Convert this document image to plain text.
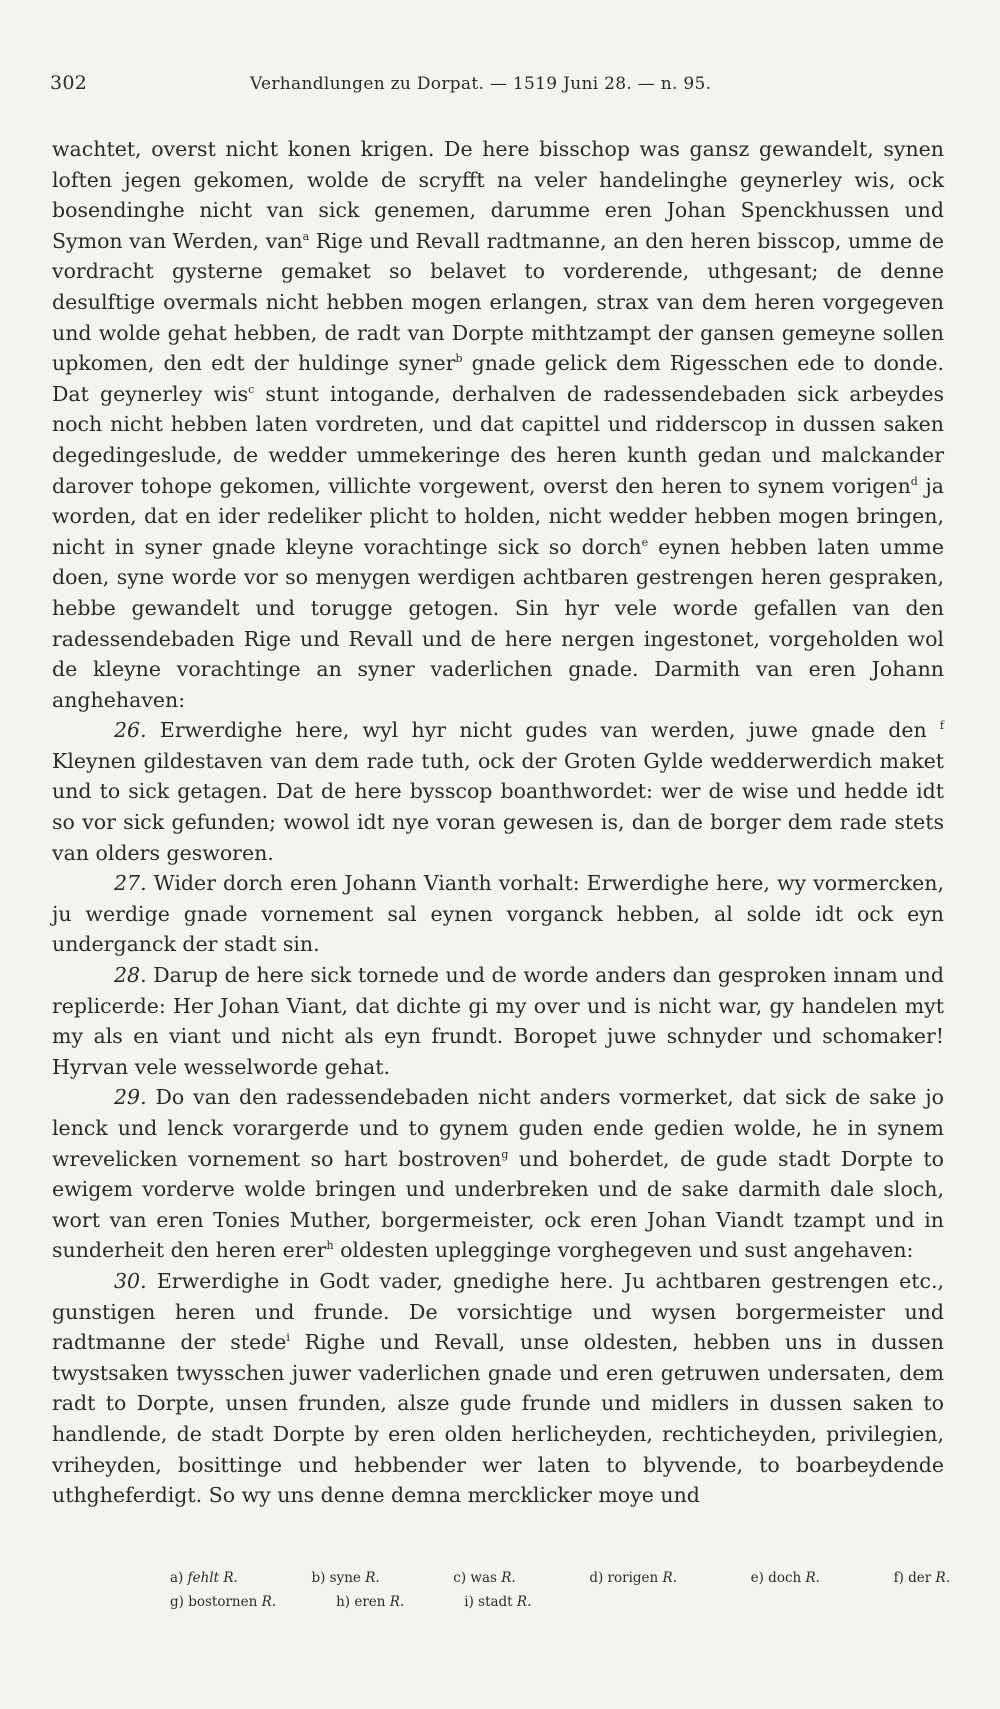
302	Verhandlungen zu Dorpat. — 1519 Juni 28. — n. 95.

wachtet, overst nicht konen krigen. De here bisschop was gansz gewandelt, synen loften jegen gekomen, wolde de scryfft na veler handelinghe geynerley wis, ock bosendinghe nicht van sick genemen, darumme eren Johan Spenckhussen und Symon van Werden, van$^a$ Rige und Revall radtmanne, an den heren bisscop, umme de vordracht gysterne gemaket so belavet to vorderende, uthgesant; de denne desulftige overmals nicht hebben mogen erlangen, strax van dem heren vorgegeven und wolde gehat hebben, de radt van Dorpte mithtzampt der gansen gemeyne sollen upkomen, den edt der huldinge syner$^b$ gnade gelick dem Rigesschen ede to donde. Dat geynerley wis$^c$ stunt intogande, derhalven de radessendebaden sick arbeydes noch nicht hebben laten vordreten, und dat capittel und ridderscop in dussen saken degedingeslude, de wedder ummekeringe des heren kunth gedan und malckander darover tohope gekomen, villichte vorgewent, overst den heren to synem vorigen$^d$ ja worden, dat en ider redeliker plicht to holden, nicht wedder hebben mogen bringen, nicht in syner gnade kleyne vorachtinge sick so dorch$^e$ eynen hebben laten umme doen, syne worde vor so menygen werdigen achtbaren gestrengen heren gespraken, hebbe gewandelt und torugge getogen. Sin hyr vele worde gefallen van den radessendebaden Rige und Revall und de here nergen ingestonet, vorgeholden wol de kleyne vorachtinge an syner vaderlichen gnade. Darmith van eren Johann anghehaven:

26. Erwerdighe here, wyl hyr nicht gudes van werden, juwe gnade den $^f$ Kleynen gildestaven van dem rade tuth, ock der Groten Gylde wedderwerdich maket und to sick getagen. Dat de here bysscop boanthwordet: wer de wise und hedde idt so vor sick gefunden; wowol idt nye voran gewesen is, dan de borger dem rade stets van olders gesworen.

27. Wider dorch eren Johann Vianth vorhalt: Erwerdighe here, wy vormercken, ju werdige gnade vornement sal eynen vorganck hebben, al solde idt ock eyn underganck der stadt sin.

28. Darup de here sick tornede und de worde anders dan gesproken innam und replicerde: Her Johan Viant, dat dichte gi my over und is nicht war, gy handelen myt my als en viant und nicht als eyn frundt. Boropet juwe schnyder und schomaker! Hyrvan vele wesselworde gehat.

29. Do van den radessendebaden nicht anders vormerket, dat sick de sake jo lenck und lenck vorargerde und to gynem guden ende gedien wolde, he in synem wrevelicken vornement so hart bostroven$^g$ und boherdet, de gude stadt Dorpte to ewigem vorderve wolde bringen und underbreken und de sake darmith dale sloch, wort van eren Tonies Muther, borgermeister, ock eren Johan Viandt tzampt und in sunderheit den heren erer$^h$ oldesten uplegginge vorghegeven und sust angehaven:

30. Erwerdighe in Godt vader, gnedighe here. Ju achtbaren gestrengen etc., gunstigen heren und frunde. De vorsichtige und wysen borgermeister und radtmanne der stede$^i$ Righe und Revall, unse oldesten, hebben uns in dussen twystsaken twysschen juwer vaderlichen gnade und eren getruwen undersaten, dem radt to Dorpte, unsen frunden, alsze gude frunde und midlers in dussen saken to handlende, de stadt Dorpte by eren olden herlicheyden, rechticheyden, privilegien, vriheyden, bosittinge und hebbender wer laten to blyvende, to boarbeydende uthgheferdigt. So wy uns denne demna mercklicker moye und

a) fehlt R.	b) syne R.	c) was R.	d) rorigen R.	e) doch R.	f) der R.
g) bostornen R.	h) eren R.	i) stadt R.
